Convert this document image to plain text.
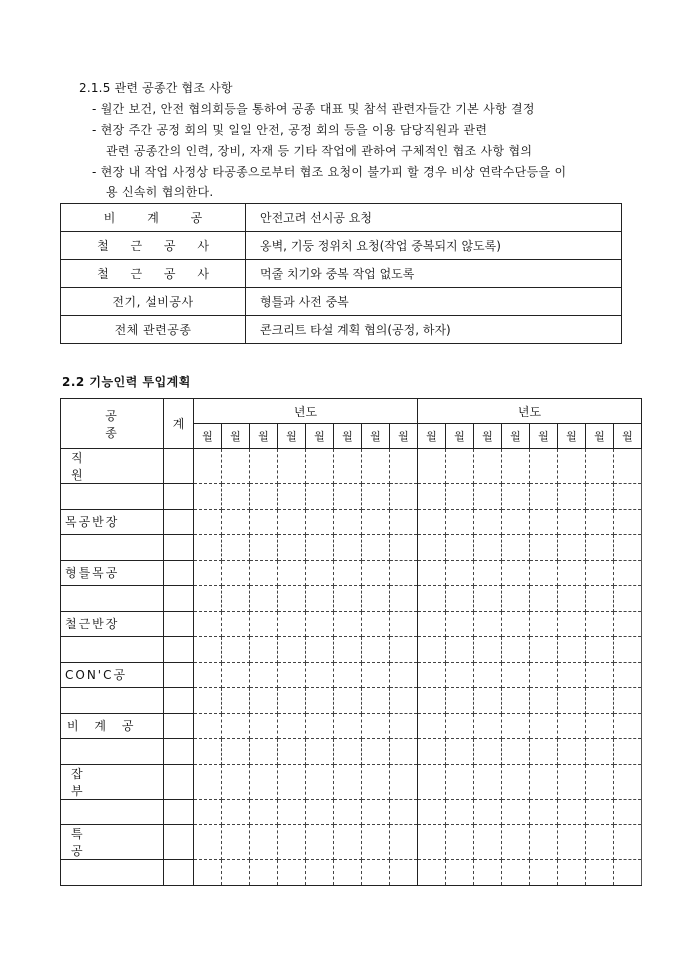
2.1.5 관련 공종간 협조 사항
- 월간 보건, 안전 협의회등을 통하여 공종 대표 및 참석 관련자들간 기본 사항 결정
- 현장 주간 공정 회의 및 일일 안전, 공정 회의 등을 이용 담당직원과 관련
관련 공종간의 인력, 장비, 자재 등 기타 작업에 관하여 구체적인 협조 사항 협의
- 현장 내 작업 사정상 타공종으로부터 협조 요청이 불가피 할 경우 비상 연락수단등을 이
용 신속히 협의한다.
비 계 공	안전고려 선시공 요청
철 근 공 사	옹벽, 기둥 정위치 요청(작업 중복되지 않도록)
철 근 공 사	먹줄 치기와 중복 작업 없도록
전기, 설비공사	형틀과 사전 중복
전체 관련공종	콘크리트 타설 계획 협의(공정, 하자)
2.2 기능인력 투입계획
공 종	계	년도								년도							
		월	월	월	월	월	월	월	월	월	월	월	월	월	월	월	월
직 원																	

목공반장																	

형틀목공																	

철근반장																	

CON'C공																	

비 계 공																	

잡 부																	

특 공																	
